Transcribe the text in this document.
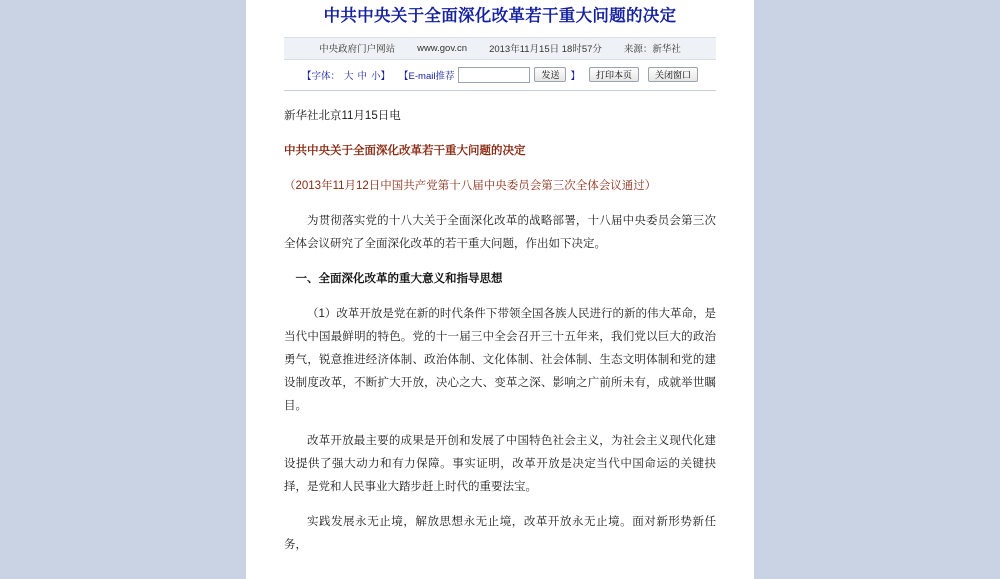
中共中央关于全面深化改革若干重大问题的决定
中央政府门户网站 www.gov.cn 2013年11月15日 18时57分 来源：新华社
【字体： 大 中 小】 【E-mail推荐	发送	】	打印本页	关闭窗口

新华社北京11月15日电

中共中央关于全面深化改革若干重大问题的决定

（2013年11月12日中国共产党第十八届中央委员会第三次全体会议通过）

为贯彻落实党的十八大关于全面深化改革的战略部署，十八届中央委员会第三次全体会议研究了全面深化改革的若干重大问题，作出如下决定。

一、全面深化改革的重大意义和指导思想

（1）改革开放是党在新的时代条件下带领全国各族人民进行的新的伟大革命，是当代中国最鲜明的特色。党的十一届三中全会召开三十五年来，我们党以巨大的政治勇气，锐意推进经济体制、政治体制、文化体制、社会体制、生态文明体制和党的建设制度改革，不断扩大开放，决心之大、变革之深、影响之广前所未有，成就举世瞩目。

改革开放最主要的成果是开创和发展了中国特色社会主义，为社会主义现代化建设提供了强大动力和有力保障。事实证明，改革开放是决定当代中国命运的关键抉择，是党和人民事业大踏步赶上时代的重要法宝。

实践发展永无止境，解放思想永无止境，改革开放永无止境。面对新形势新任务，
